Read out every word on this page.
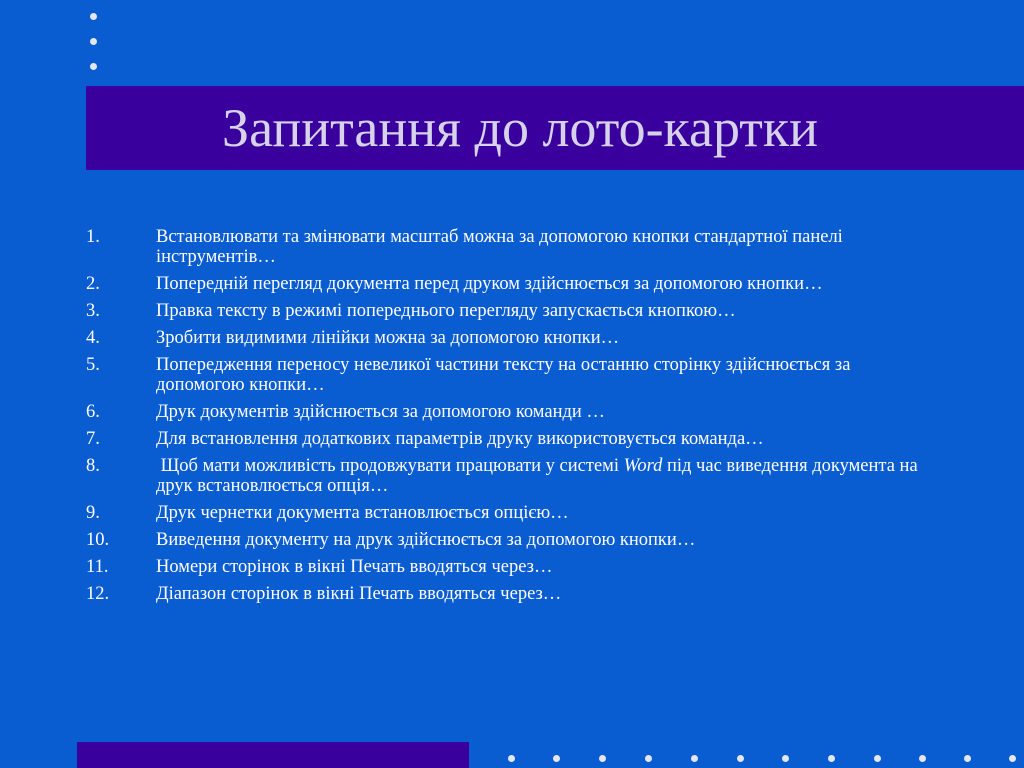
Запитання до лото-картки
1.	Встановлювати та змінювати масштаб можна за допомогою кнопки стандартної панелі інструментів…
2.	Попередній перегляд документа перед друком здійснюється за допомогою кнопки…
3.	Правка тексту в режимі попереднього перегляду запускається кнопкою…
4.	Зробити видимими лінійки можна за допомогою кнопки…
5.	Попередження переносу невеликої частини тексту на останню сторінку здійснюється за допомогою кнопки…
6.	Друк документів здійснюється за допомогою команди …
7.	Для встановлення додаткових параметрів друку використовується команда…
8.	Щоб мати можливість продовжувати працювати у системі Word під час виведення документа на друк встановлюється опція…
9.	Друк чернетки документа встановлюється опцією…
10.	Виведення документу на друк здійснюється за допомогою кнопки…
11.	Номери сторінок в вікні Печать вводяться через…
12.	Діапазон сторінок в вікні Печать вводяться через…
